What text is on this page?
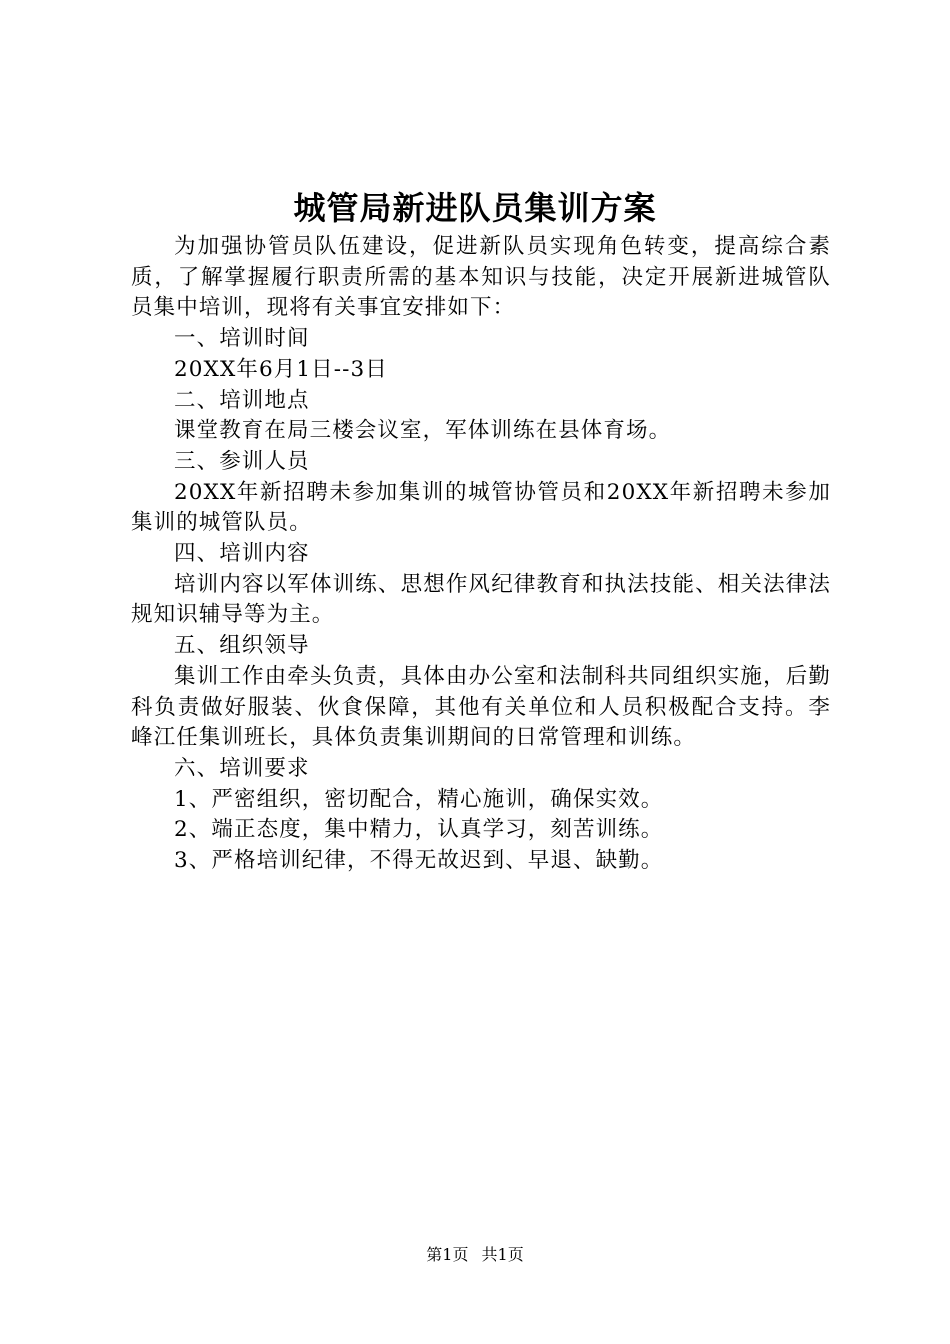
城管局新进队员集训方案

为加强协管员队伍建设，促进新队员实现角色转变，提高综合素质，了解掌握履行职责所需的基本知识与技能，决定开展新进城管队员集中培训，现将有关事宜安排如下：

一、培训时间

20XX年6月1日--3日

二、培训地点

课堂教育在局三楼会议室，军体训练在县体育场。

三、参训人员

20XX年新招聘未参加集训的城管协管员和20XX年新招聘未参加集训的城管队员。

四、培训内容

培训内容以军体训练、思想作风纪律教育和执法技能、相关法律法规知识辅导等为主。

五、组织领导

集训工作由牵头负责，具体由办公室和法制科共同组织实施，后勤科负责做好服装、伙食保障，其他有关单位和人员积极配合支持。李峰江任集训班长，具体负责集训期间的日常管理和训练。

六、培训要求

1、严密组织，密切配合，精心施训，确保实效。

2、端正态度，集中精力，认真学习，刻苦训练。

3、严格培训纪律，不得无故迟到、早退、缺勤。

第1页 共1页
